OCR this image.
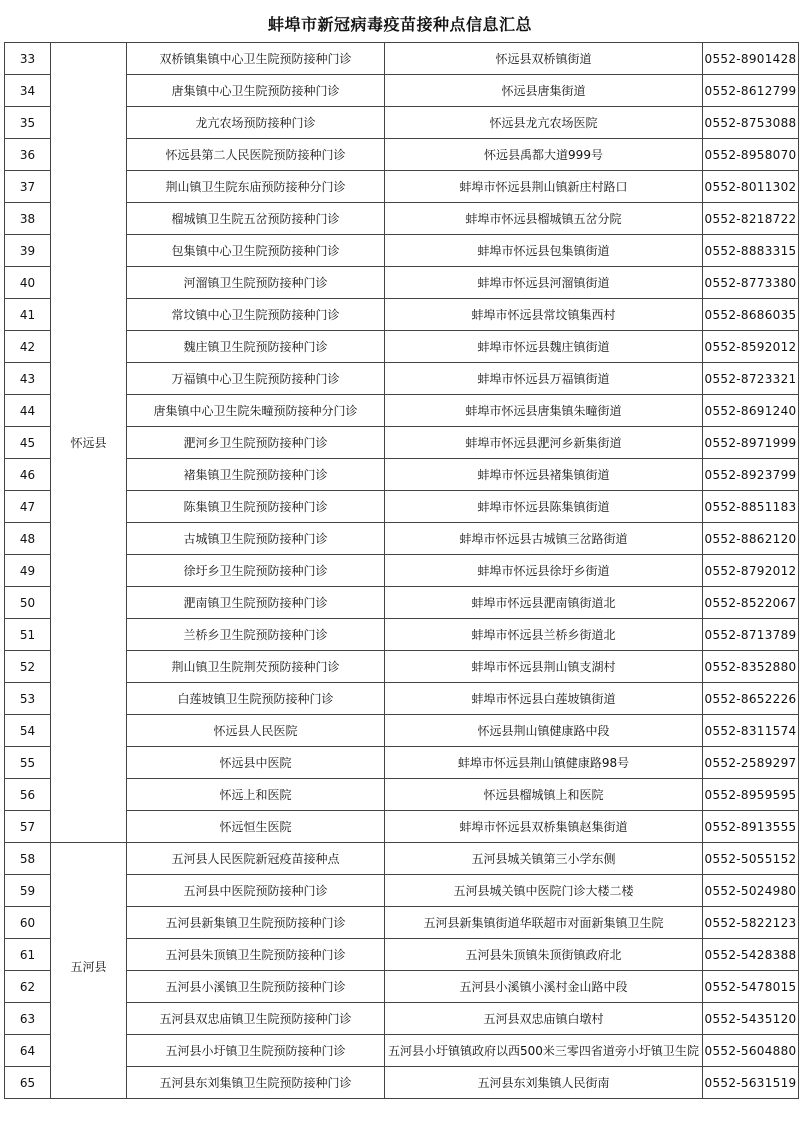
蚌埠市新冠病毒疫苗接种点信息汇总
33	怀远县	双桥镇集镇中心卫生院预防接种门诊	怀远县双桥镇街道	0552-8901428
34		唐集镇中心卫生院预防接种门诊	怀远县唐集街道	0552-8612799
35		龙亢农场预防接种门诊	怀远县龙亢农场医院	0552-8753088
36		怀远县第二人民医院预防接种门诊	怀远县禹都大道999号	0552-8958070
37		荆山镇卫生院东庙预防接种分门诊	蚌埠市怀远县荆山镇新庄村路口	0552-8011302
38		榴城镇卫生院五岔预防接种门诊	蚌埠市怀远县榴城镇五岔分院	0552-8218722
39		包集镇中心卫生院预防接种门诊	蚌埠市怀远县包集镇街道	0552-8883315
40		河溜镇卫生院预防接种门诊	蚌埠市怀远县河溜镇街道	0552-8773380
41		常坟镇中心卫生院预防接种门诊	蚌埠市怀远县常坟镇集西村	0552-8686035
42		魏庄镇卫生院预防接种门诊	蚌埠市怀远县魏庄镇街道	0552-8592012
43		万福镇中心卫生院预防接种门诊	蚌埠市怀远县万福镇街道	0552-8723321
44		唐集镇中心卫生院朱疃预防接种分门诊	蚌埠市怀远县唐集镇朱疃街道	0552-8691240
45		淝河乡卫生院预防接种门诊	蚌埠市怀远县淝河乡新集街道	0552-8971999
46		褚集镇卫生院预防接种门诊	蚌埠市怀远县褚集镇街道	0552-8923799
47		陈集镇卫生院预防接种门诊	蚌埠市怀远县陈集镇街道	0552-8851183
48		古城镇卫生院预防接种门诊	蚌埠市怀远县古城镇三岔路街道	0552-8862120
49		徐圩乡卫生院预防接种门诊	蚌埠市怀远县徐圩乡街道	0552-8792012
50		淝南镇卫生院预防接种门诊	蚌埠市怀远县淝南镇街道北	0552-8522067
51		兰桥乡卫生院预防接种门诊	蚌埠市怀远县兰桥乡街道北	0552-8713789
52		荆山镇卫生院荆芡预防接种门诊	蚌埠市怀远县荆山镇支湖村	0552-8352880
53		白莲坡镇卫生院预防接种门诊	蚌埠市怀远县白莲坡镇街道	0552-8652226
54		怀远县人民医院	怀远县荆山镇健康路中段	0552-8311574
55		怀远县中医院	蚌埠市怀远县荆山镇健康路98号	0552-2589297
56		怀远上和医院	怀远县榴城镇上和医院	0552-8959595
57		怀远恒生医院	蚌埠市怀远县双桥集镇赵集街道	0552-8913555
58	五河县	五河县人民医院新冠疫苗接种点	五河县城关镇第三小学东侧	0552-5055152
59		五河县中医院预防接种门诊	五河县城关镇中医院门诊大楼二楼	0552-5024980
60		五河县新集镇卫生院预防接种门诊	五河县新集镇街道华联超市对面新集镇卫生院	0552-5822123
61		五河县朱顶镇卫生院预防接种门诊	五河县朱顶镇朱顶街镇政府北	0552-5428388
62		五河县小溪镇卫生院预防接种门诊	五河县小溪镇小溪村金山路中段	0552-5478015
63		五河县双忠庙镇卫生院预防接种门诊	五河县双忠庙镇白墩村	0552-5435120
64		五河县小圩镇卫生院预防接种门诊	五河县小圩镇镇政府以西500米三零四省道旁小圩镇卫生院	0552-5604880
65		五河县东刘集镇卫生院预防接种门诊	五河县东刘集镇人民街南	0552-5631519
